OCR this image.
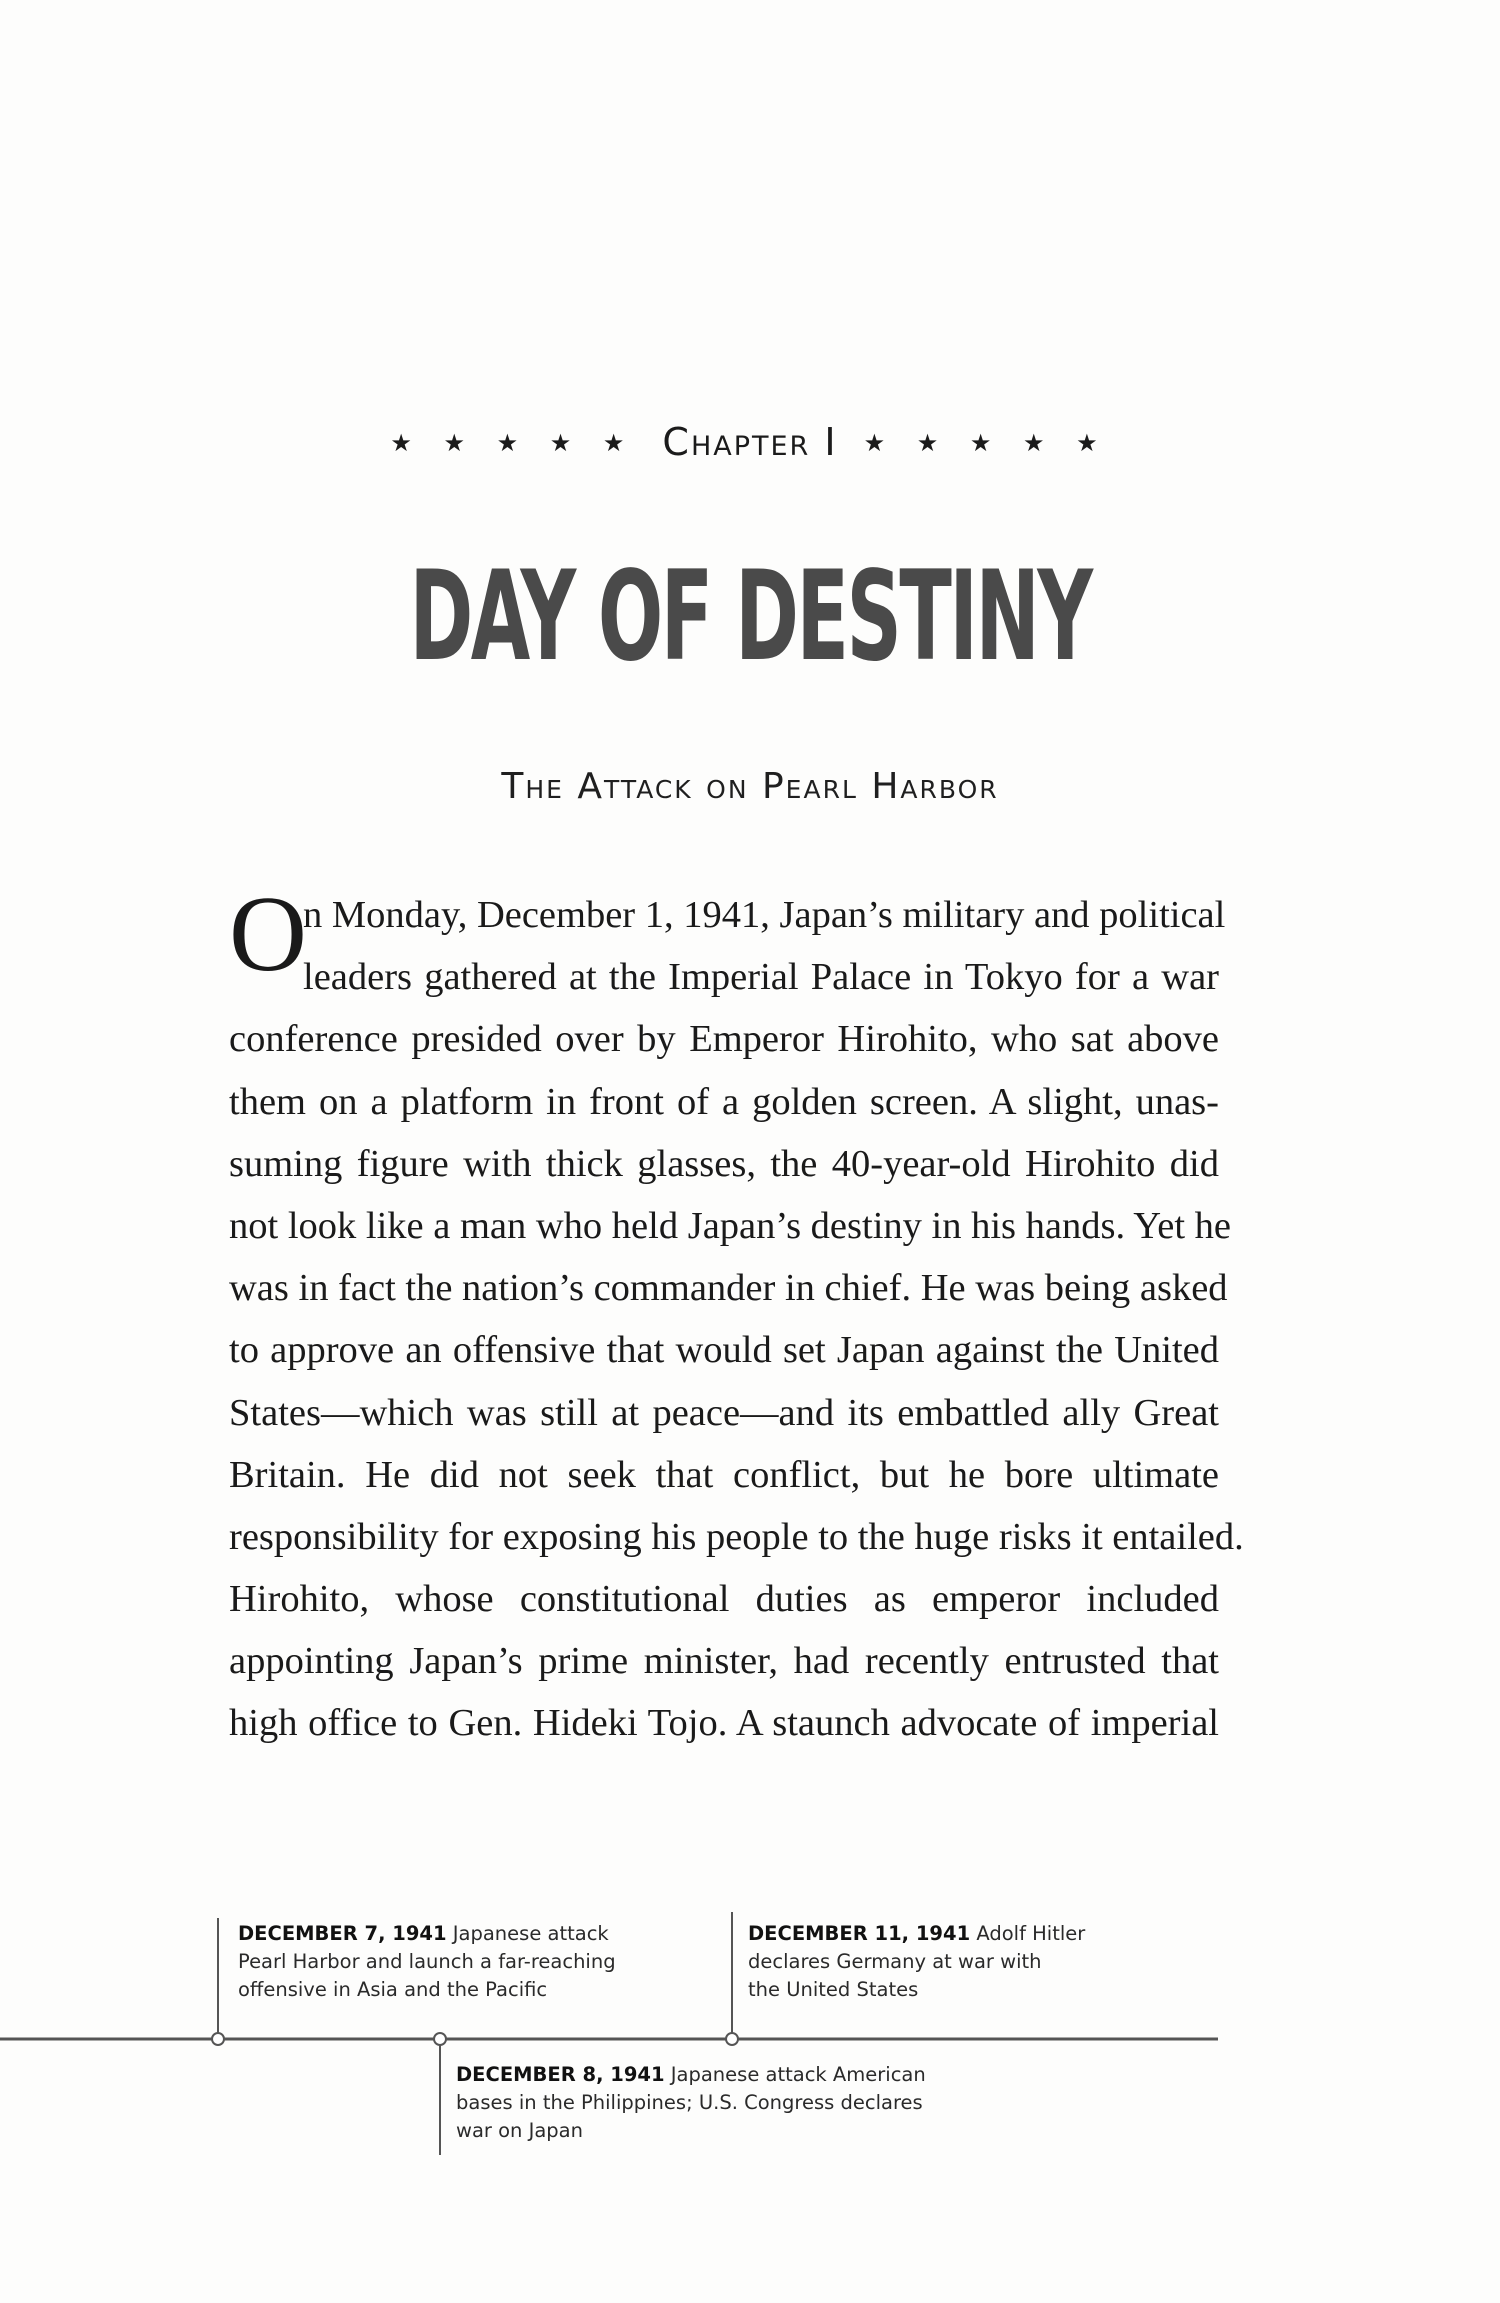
★ ★ ★ ★ ★ Chapter I ★ ★ ★ ★ ★
DAY OF DESTINY
The Attack on Pearl Harbor
O
n Monday, December 1, 1941, Japan’s military and political
leaders gathered at the Imperial Palace in Tokyo for a war
conference presided over by Emperor Hirohito, who sat above
them on a platform in front of a golden screen. A slight, unas-
suming figure with thick glasses, the 40-year-old Hirohito did
not look like a man who held Japan’s destiny in his hands. Yet he
was in fact the nation’s commander in chief. He was being asked
to approve an offensive that would set Japan against the United
States—which was still at peace—and its embattled ally Great
Britain. He did not seek that conflict, but he bore ultimate
responsibility for exposing his people to the huge risks it entailed.
Hirohito, whose constitutional duties as emperor included
appointing Japan’s prime minister, had recently entrusted that
high office to Gen. Hideki Tojo. A staunch advocate of imperial
DECEMBER 7, 1941 Japanese attack
Pearl Harbor and launch a far-reaching
offensive in Asia and the Pacific
DECEMBER 11, 1941 Adolf Hitler
declares Germany at war with
the United States
DECEMBER 8, 1941 Japanese attack American
bases in the Philippines; U.S. Congress declares
war on Japan
